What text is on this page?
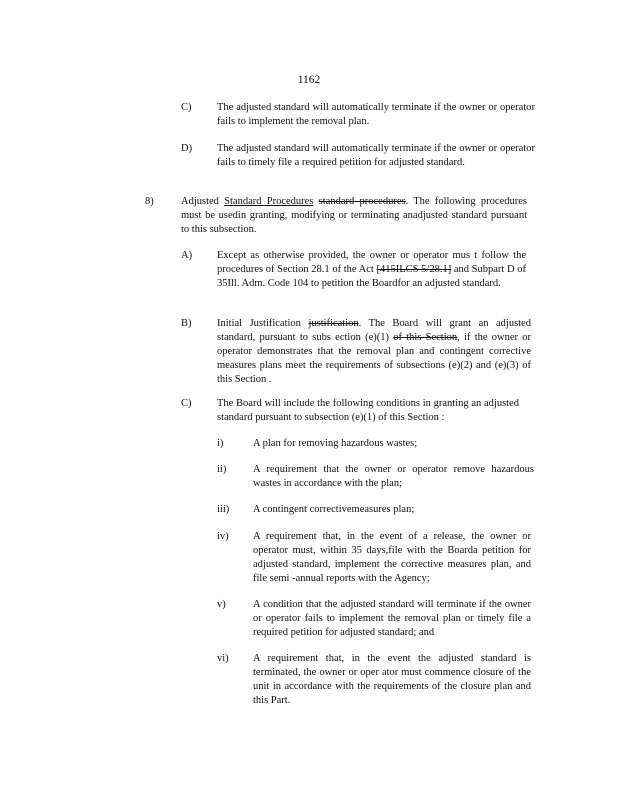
1162
C) The adjusted standard will automatically terminate if the owner or operator fails to implement the removal plan.
D) The adjusted standard will automatically terminate if the owner or operator fails to timely file a required petition for adjusted standard.
8)	Adjusted Standard Procedures standard procedures. The following procedures must be usedin granting, modifying or terminating anadjusted standard pursuant to this subsection.
A) Except as otherwise provided, the owner or operator mus t follow the procedures of Section 28.1 of the Act [415ILCS 5/28.1] and Subpart D of 35Ill. Adm. Code 104 to petition the Boardfor an adjusted standard.
B) Initial Justification justification. The Board will grant an adjusted standard, pursuant to subs ection (e)(1) of this Section, if the owner or operator demonstrates that the removal plan and contingent corrective measures plans meet the requirements of subsections (e)(2) and (e)(3) of this Section .
C) The Board will include the following conditions in granting an adjusted standard pursuant to subsection (e)(1) of this Section :
i)	A plan for removing hazardous wastes;
ii)	A requirement that the owner or operator remove hazardous wastes in accordance with the plan;
iii) A contingent correctivemeasures plan;
iv) A requirement that, in the event of a release, the owner or operator must, within 35 days,file with the Boarda petition for adjusted standard, implement the corrective measures plan, and file semi -annual reports with the Agency;
v)	A condition that the adjusted standard will terminate if the owner or operator fails to implement the removal plan or timely file a required petition for adjusted standard; and
vi) A requirement that, in the event the adjusted standard is terminated, the owner or oper ator must commence closure of the unit in accordance with the requirements of the closure plan and this Part.
